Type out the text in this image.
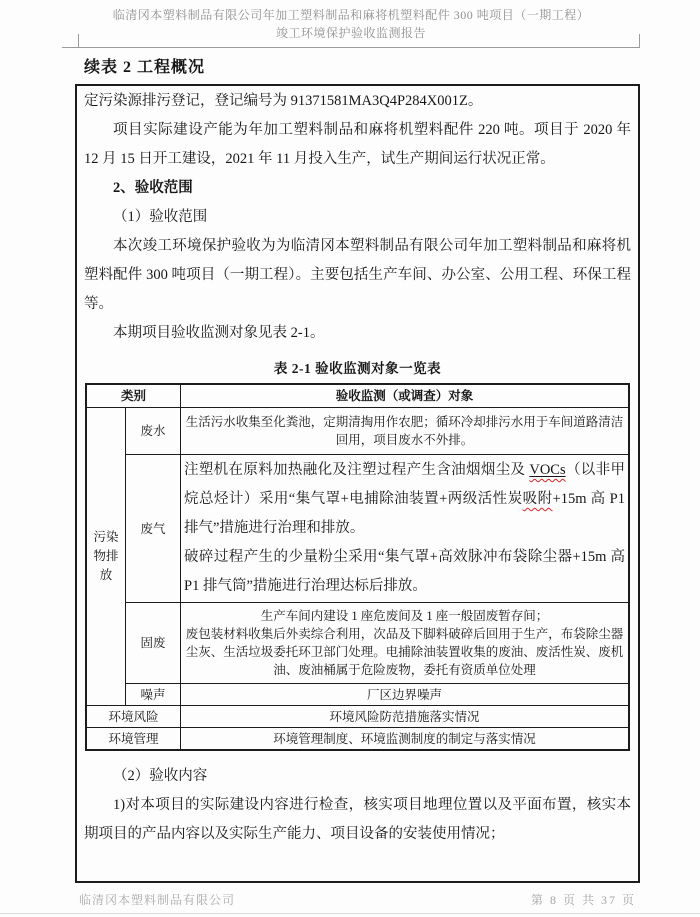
临清冈本塑料制品有限公司年加工塑料制品和麻将机塑料配件 300 吨项目（一期工程）
竣工环境保护验收监测报告
续表 2 工程概况

定污染源排污登记，登记编号为 91371581MA3Q4P284X001Z。

项目实际建设产能为年加工塑料制品和麻将机塑料配件 220 吨。项目于 2020 年 12 月 15 日开工建设，2021 年 11 月投入生产，试生产期间运行状况正常。

2、验收范围

（1）验收范围

本次竣工环境保护验收为为临清冈本塑料制品有限公司年加工塑料制品和麻将机塑料配件 300 吨项目（一期工程）。主要包括生产车间、办公室、公用工程、环保工程等。

本期项目验收监测对象见表 2-1。

表 2-1 验收监测对象一览表
类别		验收监测（或调查）对象
污染物排放	废水	生活污水收集至化粪池，定期清掏用作农肥；循环冷却排污水用于车间道路清洁回用，项目废水不外排。
	废气	注塑机在原料加热融化及注塑过程产生含油烟烟尘及 VOCs（以非甲烷总烃计）采用“集气罩+电捕除油装置+两级活性炭吸附+15m 高 P1 排气”措施进行治理和排放。

破碎过程产生的少量粉尘采用“集气罩+高效脉冲布袋除尘器+15m 高 P1 排气筒”措施进行治理达标后排放。

	固废	生产车间内建设 1 座危废间及 1 座一般固废暂存间；
废包装材料收集后外卖综合利用，次品及下脚料破碎后回用于生产，布袋除尘器尘灰、生活垃圾委托环卫部门处理。电捕除油装置收集的废油、废活性炭、废机油、废油桶属于危险废物，委托有资质单位处理

	噪声	厂区边界噪声
环境风险		环境风险防范措施落实情况
环境管理		环境管理制度、环境监测制度的制定与落实情况

（2）验收内容

1)对本项目的实际建设内容进行检查，核实项目地理位置以及平面布置，核实本期项目的产品内容以及实际生产能力、项目设备的安装使用情况；

临清冈本塑料制品有限公司	第 8 页 共 37 页
